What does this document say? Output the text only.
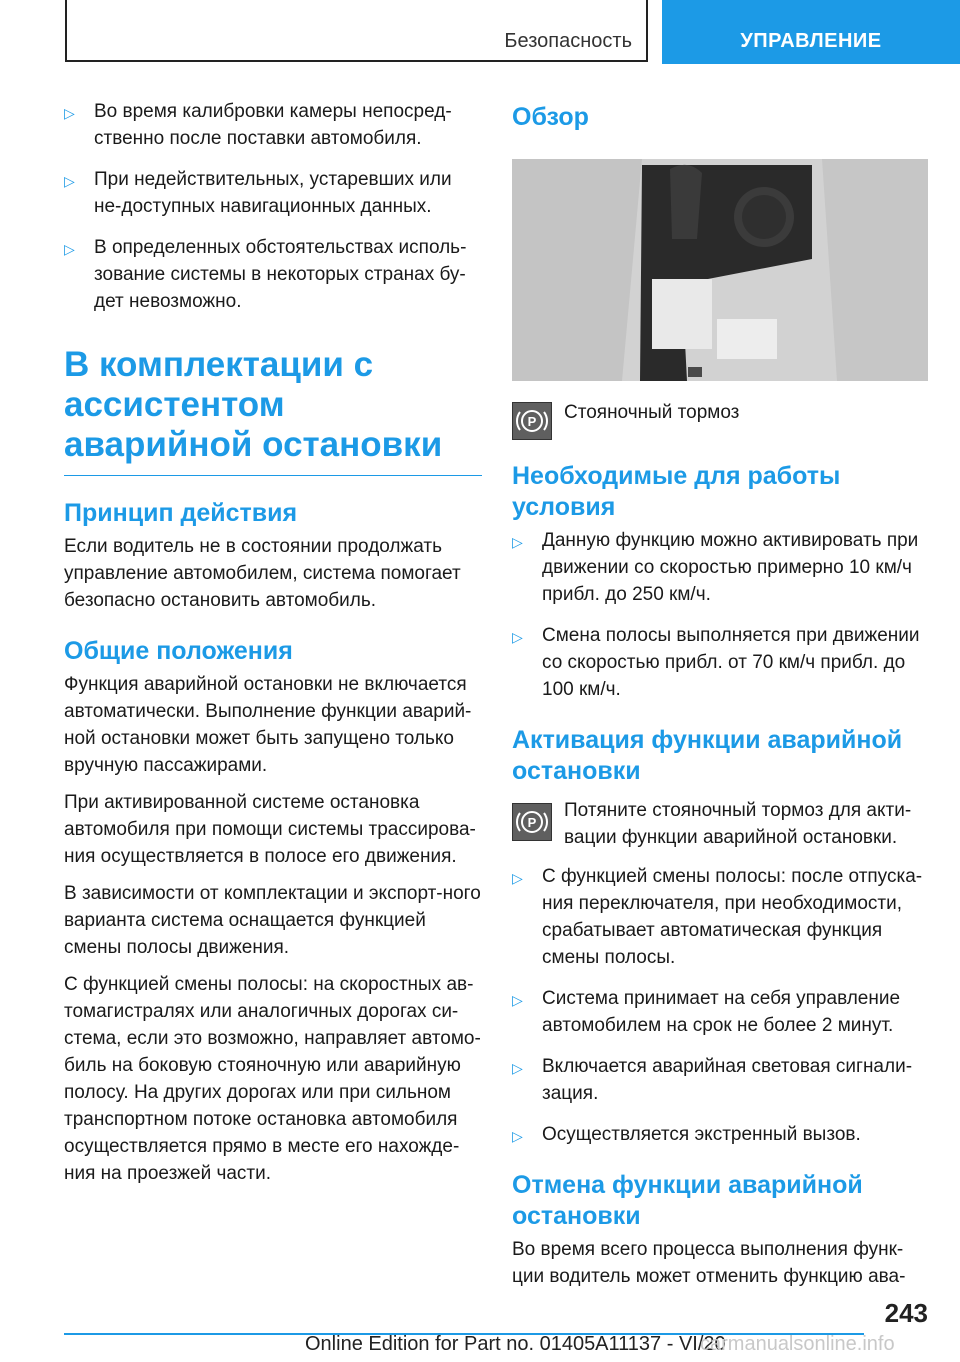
Безопасность	УПРАВЛЕНИЕ
▷ Во время калибровки камеры непосред-ственно после поставки автомобиля.
▷ При недействительных, устаревших или не-доступных навигационных данных.
▷ В определенных обстоятельствах исполь-зование системы в некоторых странах бу-дет невозможно.
В комплектации с ассистентом аварийной остановки
Принцип действия

Если водитель не в состоянии продолжать управление автомобилем, система помогает безопасно остановить автомобиль.

Общие положения

Функция аварийной остановки не включается автоматически. Выполнение функции аварий-ной остановки может быть запущено только вручную пассажирами.

При активированной системе остановка автомобиля при помощи системы трассирова-ния осуществляется в полосе его движения.

В зависимости от комплектации и экспорт-ного варианта система оснащается функцией смены полосы движения.

С функцией смены полосы: на скоростных ав-томагистралях или аналогичных дорогах си-стема, если это возможно, направляет автомо-биль на боковую стояночную или аварийную полосу. На других дорогах или при сильном транспортном потоке остановка автомобиля осуществляется прямо в месте его нахожде-ния на проезжей части.

Обзор
P Стояночный тормоз
Необходимые для работы условия
▷ Данную функцию можно активировать при движении со скоростью примерно 10 км/ч прибл. до 250 км/ч.
▷ Смена полосы выполняется при движении со скоростью прибл. от 70 км/ч прибл. до 100 км/ч.
Активация функции аварийной остановки
P
Потяните стояночный тормоз для акти-вации функции аварийной остановки.
▷ С функцией смены полосы: после отпуска-ния переключателя, при необходимости, срабатывает автоматическая функция смены полосы.
▷ Система принимает на себя управление автомобилем на срок не более 2 минут.
▷ Включается аварийная световая сигнали-зация.
▷ Осуществляется экстренный вызов.
Отмена функции аварийной остановки

Во время всего процесса выполнения функ-ции водитель может отменить функцию ава-

243
Online Edition for Part no. 01405A11137 - VI/20
carmanualsonline.info
